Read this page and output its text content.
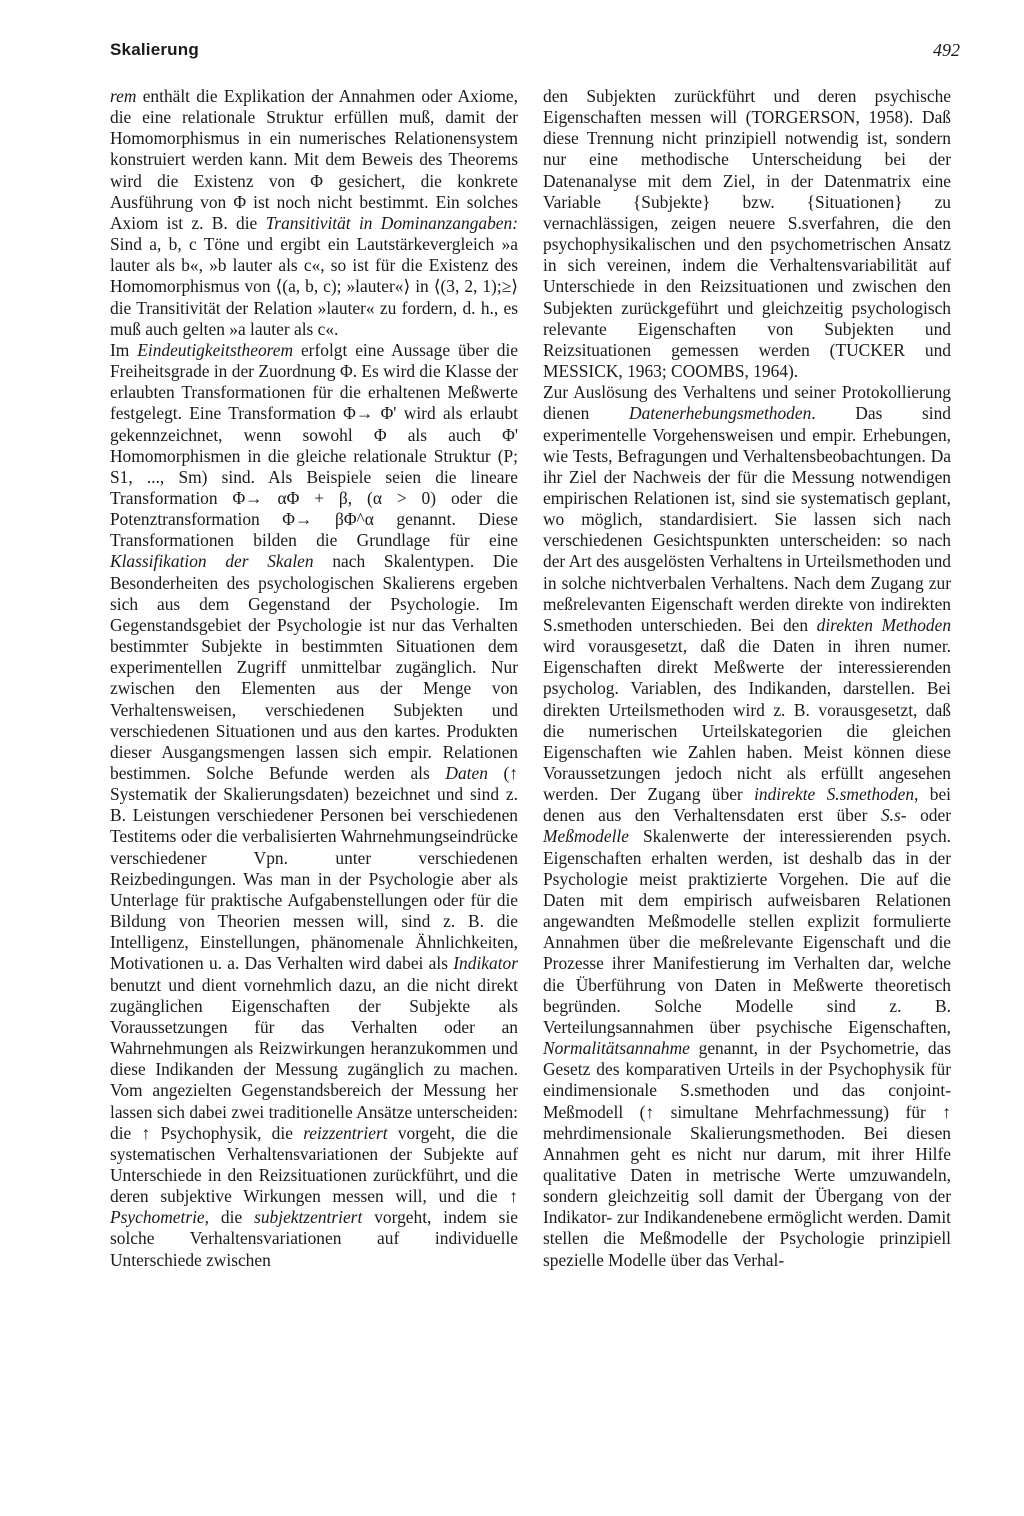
Skalierung	492

rem enthält die Explikation der Annahmen oder Axiome, die eine relationale Struktur erfüllen muß, damit der Homomorphismus in ein numerisches Relationensystem konstruiert werden kann. Mit dem Beweis des Theorems wird die Existenz von Φ gesichert, die konkrete Ausführung von Φ ist noch nicht bestimmt. Ein solches Axiom ist z. B. die Transitivität in Dominanzangaben: Sind a, b, c Töne und ergibt ein Lautstärkevergleich »a lauter als b«, »b lauter als c«, so ist für die Existenz des Homomorphismus von ⟨(a, b, c); »lauter«⟩ in ⟨(3, 2, 1);≥⟩ die Transitivität der Relation »lauter« zu fordern, d. h., es muß auch gelten »a lauter als c«.

Im Eindeutigkeitstheorem erfolgt eine Aussage über die Freiheitsgrade in der Zuordnung Φ. Es wird die Klasse der erlaubten Transformationen für die erhaltenen Meßwerte festgelegt. Eine Transformation Φ→ Φ' wird als erlaubt gekennzeichnet, wenn sowohl Φ als auch Φ' Homomorphismen in die gleiche relationale Struktur (P; S1, ..., Sm) sind. Als Beispiele seien die lineare Transformation Φ→ αΦ + β, (α > 0) oder die Potenztransformation Φ→ βΦ^α genannt. Diese Transformationen bilden die Grundlage für eine Klassifikation der Skalen nach Skalentypen. Die Besonderheiten des psychologischen Skalierens ergeben sich aus dem Gegenstand der Psychologie. Im Gegenstandsgebiet der Psychologie ist nur das Verhalten bestimmter Subjekte in bestimmten Situationen dem experimentellen Zugriff unmittelbar zugänglich. Nur zwischen den Elementen aus der Menge von Verhaltensweisen, verschiedenen Subjekten und verschiedenen Situationen und aus den kartes. Produkten dieser Ausgangsmengen lassen sich empir. Relationen bestimmen. Solche Befunde werden als Daten (↑ Systematik der Skalierungsdaten) bezeichnet und sind z. B. Leistungen verschiedener Personen bei verschiedenen Testitems oder die verbalisierten Wahrnehmungseindrücke verschiedener Vpn. unter verschiedenen Reizbedingungen. Was man in der Psychologie aber als Unterlage für praktische Aufgabenstellungen oder für die Bildung von Theorien messen will, sind z. B. die Intelligenz, Einstellungen, phänomenale Ähnlichkeiten, Motivationen u. a. Das Verhalten wird dabei als Indikator benutzt und dient vornehmlich dazu, an die nicht direkt zugänglichen Eigenschaften der Subjekte als Voraussetzungen für das Verhalten oder an Wahrnehmungen als Reizwirkungen heranzukommen und diese Indikanden der Messung zugänglich zu machen. Vom angezielten Gegenstandsbereich der Messung her lassen sich dabei zwei traditionelle Ansätze unterscheiden: die ↑ Psychophysik, die reizzentriert vorgeht, die die systematischen Verhaltensvariationen der Subjekte auf Unterschiede in den Reizsituationen zurückführt, und die deren subjektive Wirkungen messen will, und die ↑ Psychometrie, die subjektzentriert vorgeht, indem sie solche Verhaltensvariationen auf individuelle Unterschiede zwischen

den Subjekten zurückführt und deren psychische Eigenschaften messen will (TORGERSON, 1958). Daß diese Trennung nicht prinzipiell notwendig ist, sondern nur eine methodische Unterscheidung bei der Datenanalyse mit dem Ziel, in der Datenmatrix eine Variable {Subjekte} bzw. {Situationen} zu vernachlässigen, zeigen neuere S.sverfahren, die den psychophysikalischen und den psychometrischen Ansatz in sich vereinen, indem die Verhaltensvariabilität auf Unterschiede in den Reizsituationen und zwischen den Subjekten zurückgeführt und gleichzeitig psychologisch relevante Eigenschaften von Subjekten und Reizsituationen gemessen werden (TUCKER und MESSICK, 1963; COOMBS, 1964).

Zur Auslösung des Verhaltens und seiner Protokollierung dienen Datenerhebungsmethoden. Das sind experimentelle Vorgehensweisen und empir. Erhebungen, wie Tests, Befragungen und Verhaltensbeobachtungen. Da ihr Ziel der Nachweis der für die Messung notwendigen empirischen Relationen ist, sind sie systematisch geplant, wo möglich, standardisiert. Sie lassen sich nach verschiedenen Gesichtspunkten unterscheiden: so nach der Art des ausgelösten Verhaltens in Urteilsmethoden und in solche nichtverbalen Verhaltens. Nach dem Zugang zur meßrelevanten Eigenschaft werden direkte von indirekten S.smethoden unterschieden. Bei den direkten Methoden wird vorausgesetzt, daß die Daten in ihren numer. Eigenschaften direkt Meßwerte der interessierenden psycholog. Variablen, des Indikanden, darstellen. Bei direkten Urteilsmethoden wird z. B. vorausgesetzt, daß die numerischen Urteilskategorien die gleichen Eigenschaften wie Zahlen haben. Meist können diese Voraussetzungen jedoch nicht als erfüllt angesehen werden. Der Zugang über indirekte S.smethoden, bei denen aus den Verhaltensdaten erst über S.s- oder Meßmodelle Skalenwerte der interessierenden psych. Eigenschaften erhalten werden, ist deshalb das in der Psychologie meist praktizierte Vorgehen. Die auf die Daten mit dem empirisch aufweisbaren Relationen angewandten Meßmodelle stellen explizit formulierte Annahmen über die meßrelevante Eigenschaft und die Prozesse ihrer Manifestierung im Verhalten dar, welche die Überführung von Daten in Meßwerte theoretisch begründen. Solche Modelle sind z. B. Verteilungsannahmen über psychische Eigenschaften, Normalitätsannahme genannt, in der Psychometrie, das Gesetz des komparativen Urteils in der Psychophysik für eindimensionale S.smethoden und das conjoint-Meßmodell (↑ simultane Mehrfachmessung) für ↑ mehrdimensionale Skalierungsmethoden. Bei diesen Annahmen geht es nicht nur darum, mit ihrer Hilfe qualitative Daten in metrische Werte umzuwandeln, sondern gleichzeitig soll damit der Übergang von der Indikator- zur Indikandenebene ermöglicht werden. Damit stellen die Meßmodelle der Psychologie prinzipiell spezielle Modelle über das Verhal-
